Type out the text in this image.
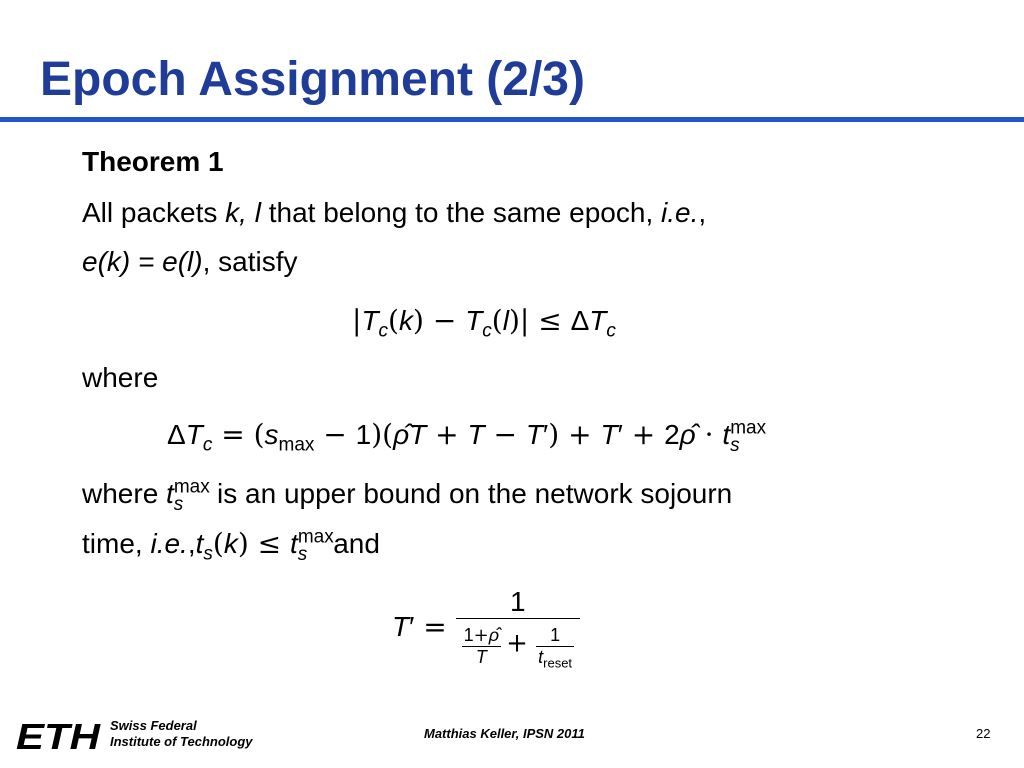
Epoch Assignment (2/3)
Theorem 1
All packets k, l that belong to the same epoch, i.e.,
e(k) = e(l), satisfy
$|T_c(k) - T_c(l)| \le \Delta T_c$
where
$\Delta T_c = (s_{max}$ − 1)(ρ̂T + T − T′) + T′ + 2ρ̂ · $t^{max}_s$
where $t^{max}_s$ is an upper bound on the network sojourn
time, $i.e.,t_s(k) \le t^{max}_s$ and
T′ =
1
$\frac{1+\rhô}{T} + \frac{1}{t_{reset}}$
ETH Swiss Federal
Institute of Technology
Matthias Keller, IPSN 2011	22
